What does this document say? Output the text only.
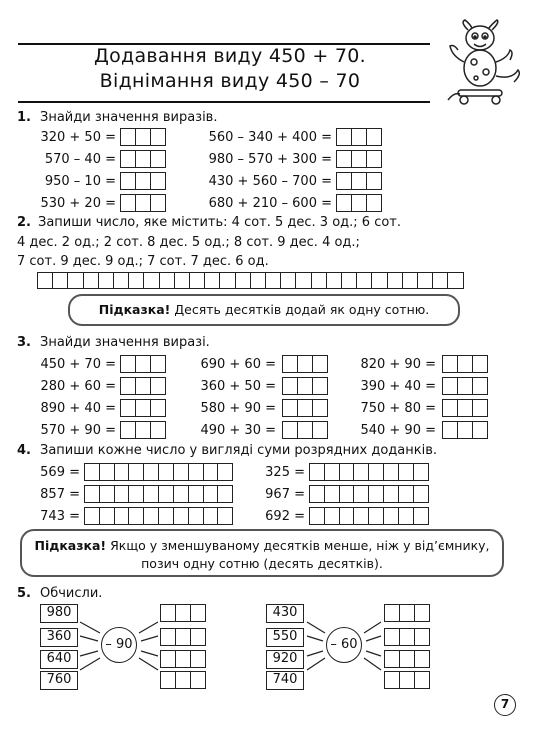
Додавання виду 450 + 70.
Віднімання виду 450 – 70
1. Знайди значення виразів.
320 + 50 =
570 – 40 =
950 – 10 =
530 + 20 =
560 – 340 + 400 =
980 – 570 + 300 =
430 + 560 – 700 =
680 + 210 – 600 =
2. Запиши число, яке містить: 4 сот. 5 дес. 3 од.; 6 сот.
4 дес. 2 од.; 2 сот. 8 дес. 5 од.; 8 сот. 9 дес. 4 од.;
7 сот. 9 дес. 9 од.; 7 сот. 7 дес. 6 од.
Підказка! Десять десятків додай як одну сотню.
3. Знайди значення виразі.
450 + 70 =
280 + 60 =
890 + 40 =
570 + 90 =
690 + 60 =
360 + 50 =
580 + 90 =
490 + 30 =
820 + 90 =
390 + 40 =
750 + 80 =
540 + 90 =
4. Запиши кожне число у вигляді суми розрядних доданків.
569 =
857 =
743 =
325 =
967 =
692 =
Підказка! Якщо у зменшуваному десятків менше, ніж у від’ємнику,
позич одну сотню (десять десятків).
5. Обчисли.
980
360
640
760
– 90
430
550
920
740
– 60
7
